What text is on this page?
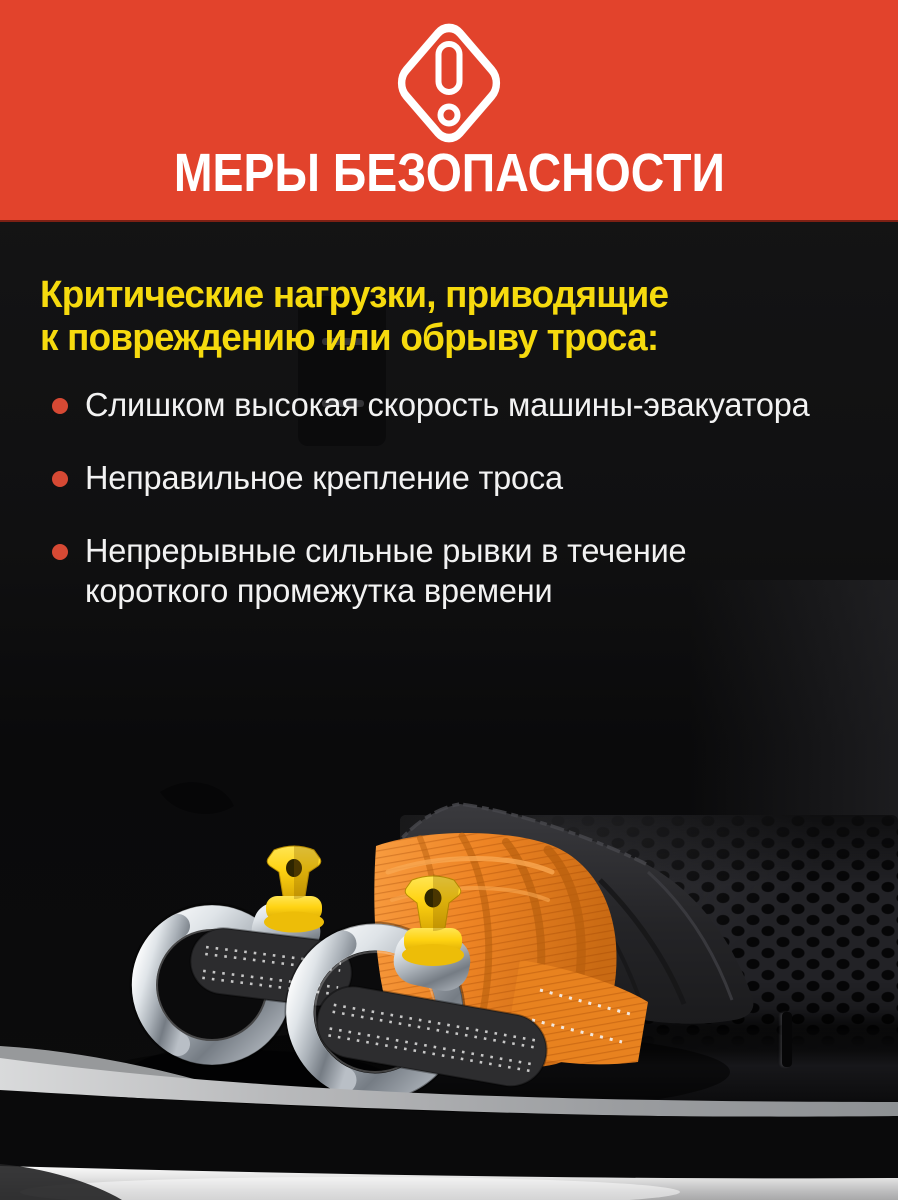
МЕРЫ БЕЗОПАСНОСТИ
Критические нагрузки, приводящие
к повреждению или обрыву троса:
Слишком высокая скорость машины-эвакуатора
Неправильное крепление троса
Непрерывные сильные рывки в течение
короткого промежутка времени
